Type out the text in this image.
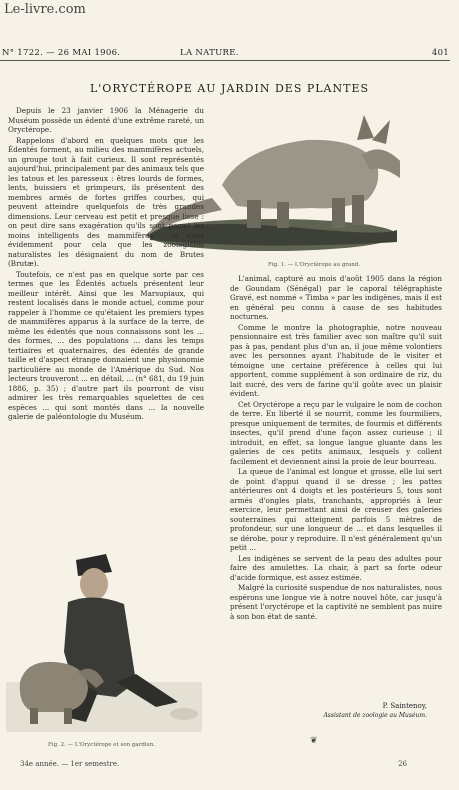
Le-livre.com
N° 1722. — 26 MAI 1906.	LA NATURE.	401
L'ORYCTÉROPE AU JARDIN DES PLANTES
Fig. 1. — L'Oryctérope au grand.

Depuis le 23 janvier 1906 la Ménagerie du Muséum possède un édenté d'une extrême rareté, un Oryctérope.

Rappelons d'abord en quelques mots que les Édentés forment, au milieu des mammifères actuels, un groupe tout à fait curieux. Il sont représentés aujourd'hui, principalement par des animaux tels que les tatous et les paresseux : êtres lourds de formes, lents, buissiers et grimpeurs, ils présentent des membres armés de fortes griffes courbes, qui peuvent atteindre quelquefois de très grandes dimensions. Leur cerveau est petit et presque lisse : on peut dire sans exagération qu'ils sont parmi les moins intelligents des mammifères ; et c'est évidemment pour cela que les zoologistes naturalistes les désignaient du nom de Brutes (Brutæ).

Toutefois, ce n'est pas en quelque sorte par ces termes que les Édentés actuels présentent leur meilleur intérêt. Ainsi que les Marsupiaux, qui restent localisés dans le monde actuel, comme pour rappeler à l'homme ce qu'étaient les premiers types de mammifères apparus à la surface de la terre, de même les édentés que nous connaissons sont les ... des formes, ... des populations ... dans les temps tertiaires et quaternaires, des édentés de grande taille et d'aspect étrange donnaient une physionomie particulière au monde de l'Amérique du Sud. Nos lecteurs trouveront ... en détail, ... (n° 681, du 19 juin 1886, p. 35) ; d'autre part ils pourront de visu admirer les très remarquables squelettes de ces espèces ... qui sont montés dans ... la nouvelle galerie de paléontologie du Muséum.

L'animal, capturé au mois d'août 1905 dans la région de Goundam (Sénégal) par le caporal télégraphiste Gravé, est nommé « Timba » par les indigènes, mais il est en général peu connu à cause de ses habitudes nocturnes.

Comme le montre la photographie, notre nouveau pensionnaire est très familier avec son maître qu'il suit pas à pas, pendant plus d'un an, il joue même volontiers avec les personnes ayant l'habitude de le visiter et témoigne une certaine préférence à celles qui lui apportent, comme supplément à son ordinaire de riz, du lait sucré, des vers de farine qu'il goûte avec un plaisir évident.

Cet Oryctérope a reçu par le vulgaire le nom de cochon de terre. En liberté il se nourrit, comme les fourmiliers, presque uniquement de termites, de fourmis et différents insectes, qu'il prend d'une façon assez curieuse ; il introduit, en effet, sa longue langue gluante dans les galeries de ces petits animaux, lesquels y collent facilement et deviennent ainsi la proie de leur bourreau.

La queue de l'animal est longue et grosse, elle lui sert de point d'appui quand il se dresse ; les pattes antérieures ont 4 doigts et les postérieurs 5, tous sont armés d'ongles plats, tranchants, appropriés à leur exercice, leur permettant ainsi de creuser des galeries souterraines qui atteignent parfois 5 mètres de profondeur, sur une longueur de ... et dans lesquelles il se dérobe, pour y reproduire. Il n'est généralement qu'un petit ...

Les indigènes se servent de la peau des adultes pour faire des amulettes. La chair, à part sa forte odeur d'acide formique, est assez estimée.

Malgré la curiosité suspendue de nos naturalistes, nous espérons une longue vie à notre nouvel hôte, car jusqu'à présent l'oryctérope et la captivité ne semblent pas nuire à son bon état de santé.

Fig. 2. — L'Oryctérope et son gardien.
P. Saintenoy,
Assistant de zoologie au Muséum.
❦
34e année. — 1er semestre.	26
